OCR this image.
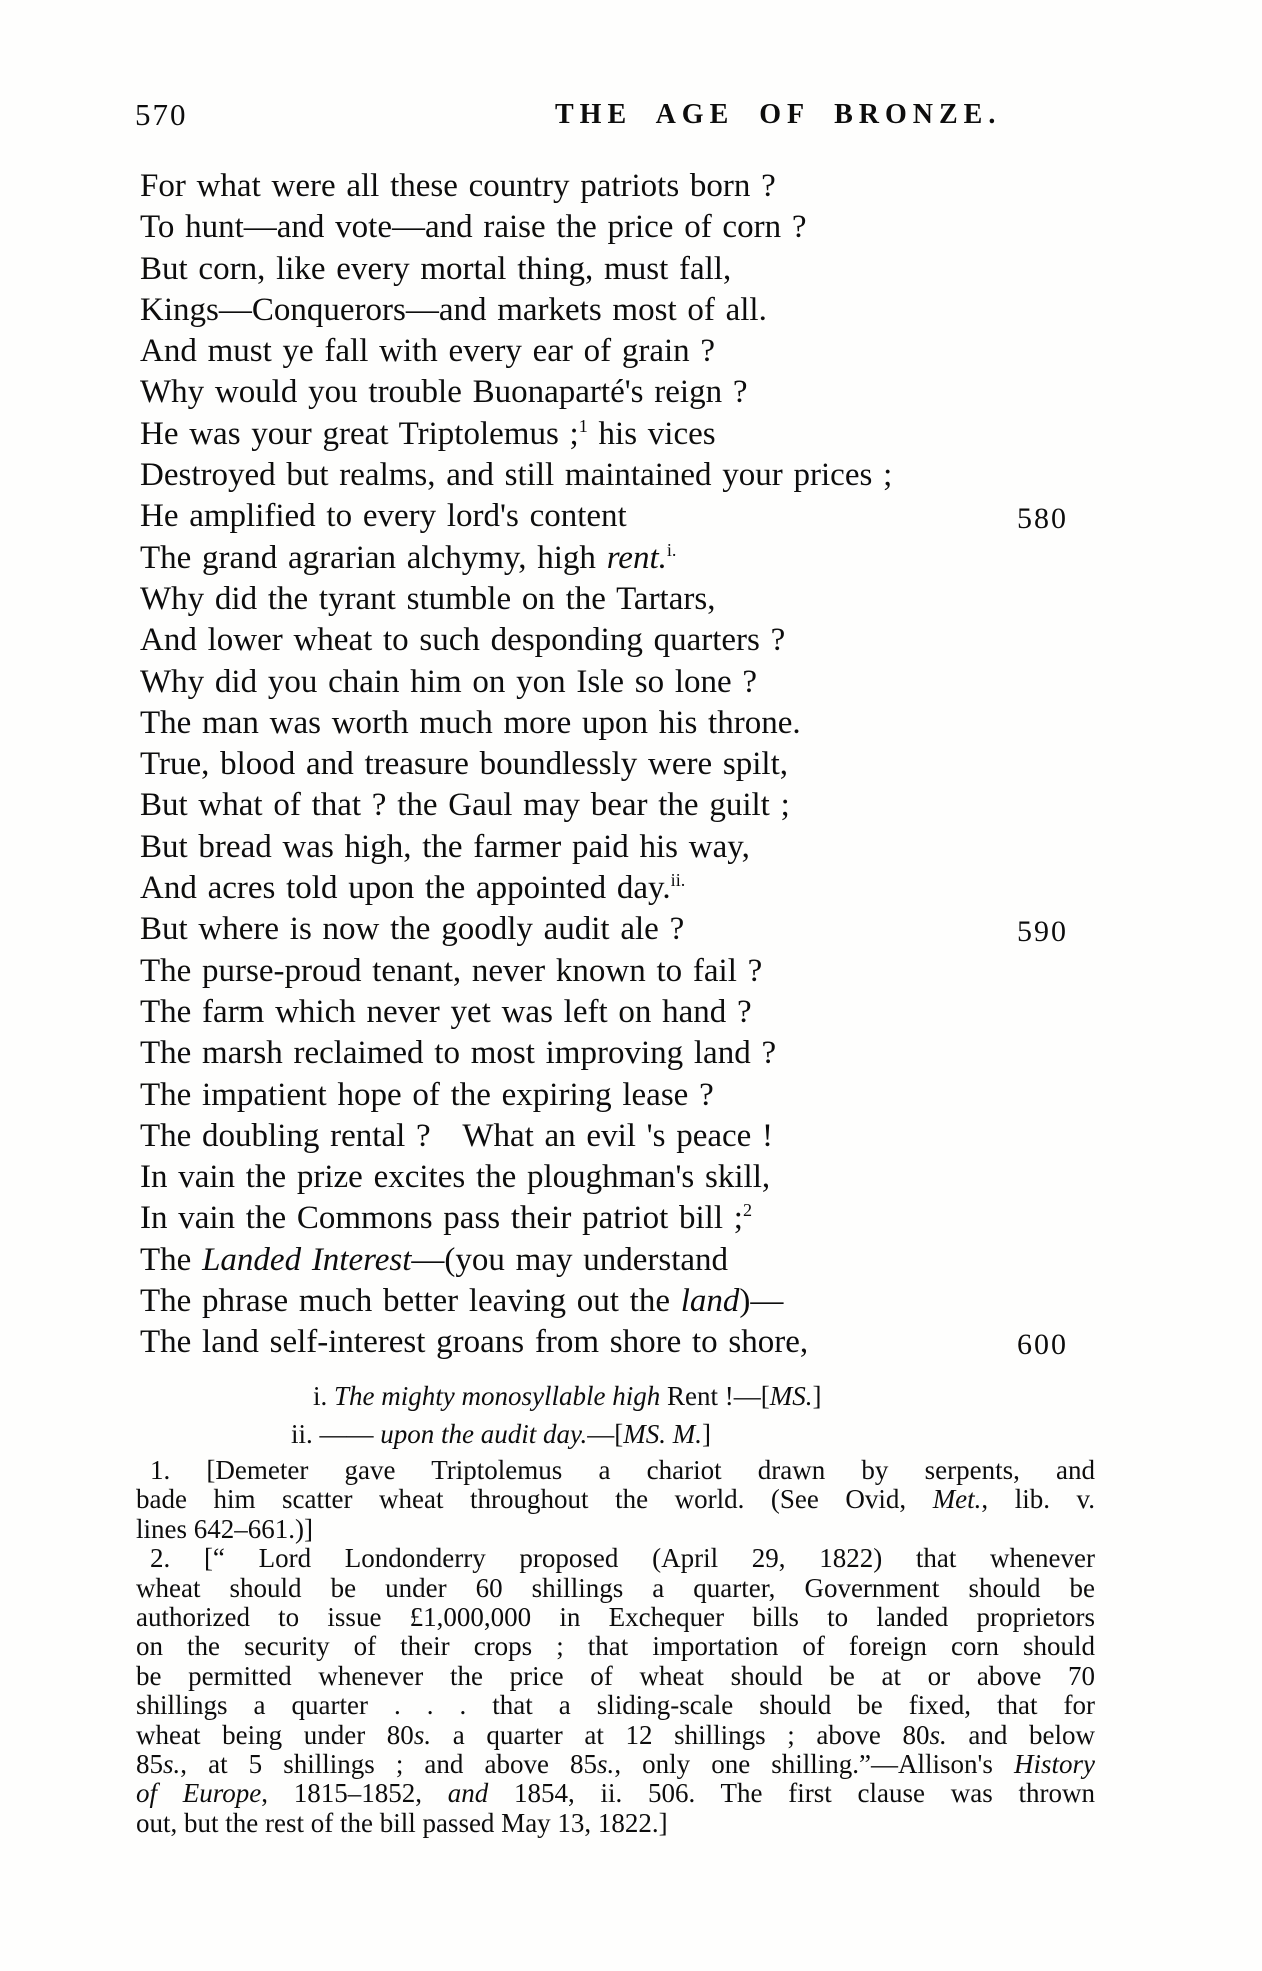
570	THE AGE OF BRONZE.
For what were all these country patriots born ?
To hunt—and vote—and raise the price of corn ?
But corn, like every mortal thing, must fall,
Kings—Conquerors—and markets most of all.
And must ye fall with every ear of grain ?
Why would you trouble Buonaparté's reign ?
He was your great Triptolemus ;$^1$ his vices
Destroyed but realms, and still maintained your prices ;
He amplified to every lord's content	580
The grand agrarian alchymy, high rent.$^{i.}$
Why did the tyrant stumble on the Tartars,
And lower wheat to such desponding quarters ?
Why did you chain him on yon Isle so lone ?
The man was worth much more upon his throne.
True, blood and treasure boundlessly were spilt,
But what of that ? the Gaul may bear the guilt ;
But bread was high, the farmer paid his way,
And acres told upon the appointed day.$^{ii.}$
But where is now the goodly audit ale ?	590
The purse-proud tenant, never known to fail ?
The farm which never yet was left on hand ?
The marsh reclaimed to most improving land ?
The impatient hope of the expiring lease ?
The doubling rental ?   What an evil 's peace !
In vain the prize excites the ploughman's skill,
In vain the Commons pass their patriot bill ;$^2$
The Landed Interest—(you may understand
The phrase much better leaving out the land)—
The land self-interest groans from shore to shore,	600
i. The mighty monosyllable high Rent !—[MS.]
ii. —— upon the audit day.—[MS. M.]
1. [Demeter gave Triptolemus a chariot drawn by serpents, and
bade him scatter wheat throughout the world. (See Ovid, Met., lib. v.
lines 642–661.)]
2. [“ Lord Londonderry proposed (April 29, 1822) that whenever
wheat should be under 60 shillings a quarter, Government should be
authorized to issue £1,000,000 in Exchequer bills to landed proprietors
on the security of their crops ; that importation of foreign corn should
be permitted whenever the price of wheat should be at or above 70
shillings a quarter . . . that a sliding-scale should be fixed, that for
wheat being under 80s. a quarter at 12 shillings ; above 80s. and below
85s., at 5 shillings ; and above 85s., only one shilling.”—Allison's History
of Europe, 1815–1852, and 1854, ii. 506. The first clause was thrown
out, but the rest of the bill passed May 13, 1822.]
